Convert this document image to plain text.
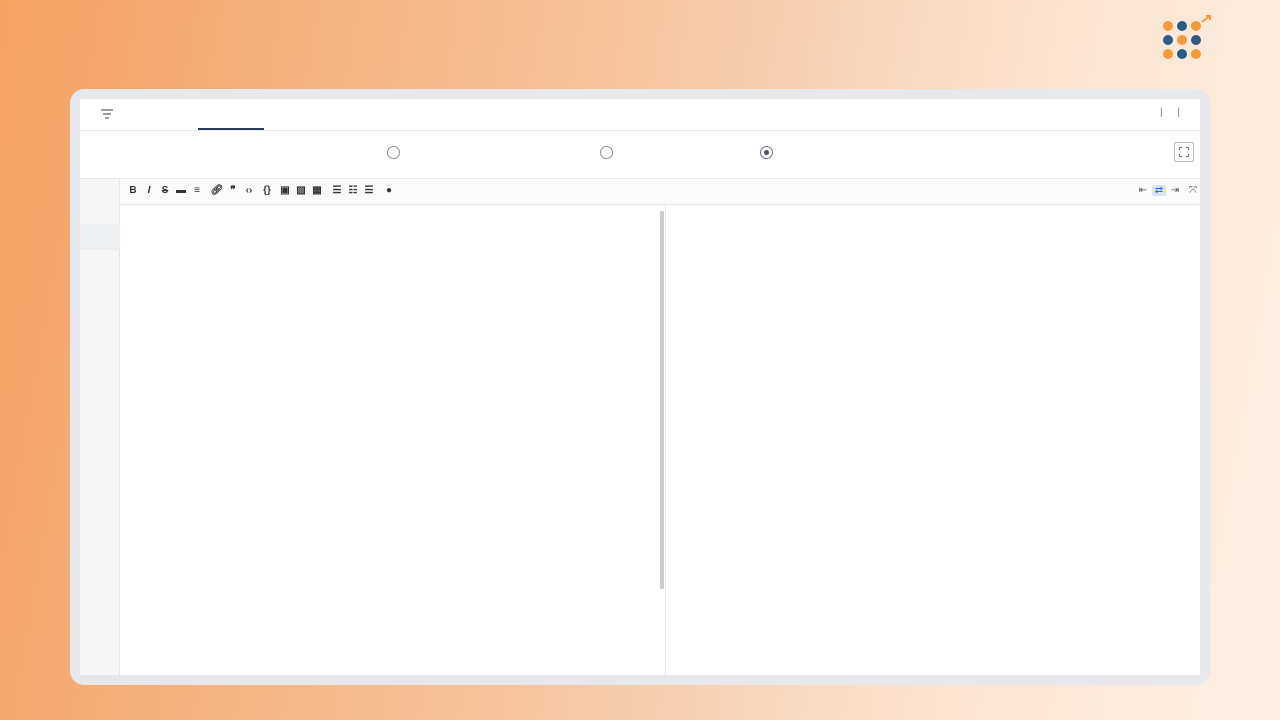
| |
B	I	S ▬ ≡	🔗︎ ❞ ‹›	{} ▣ ▨ ▦ ☰ ☷ ☰	●	⇤ ⇄ ⇥ ⤧
